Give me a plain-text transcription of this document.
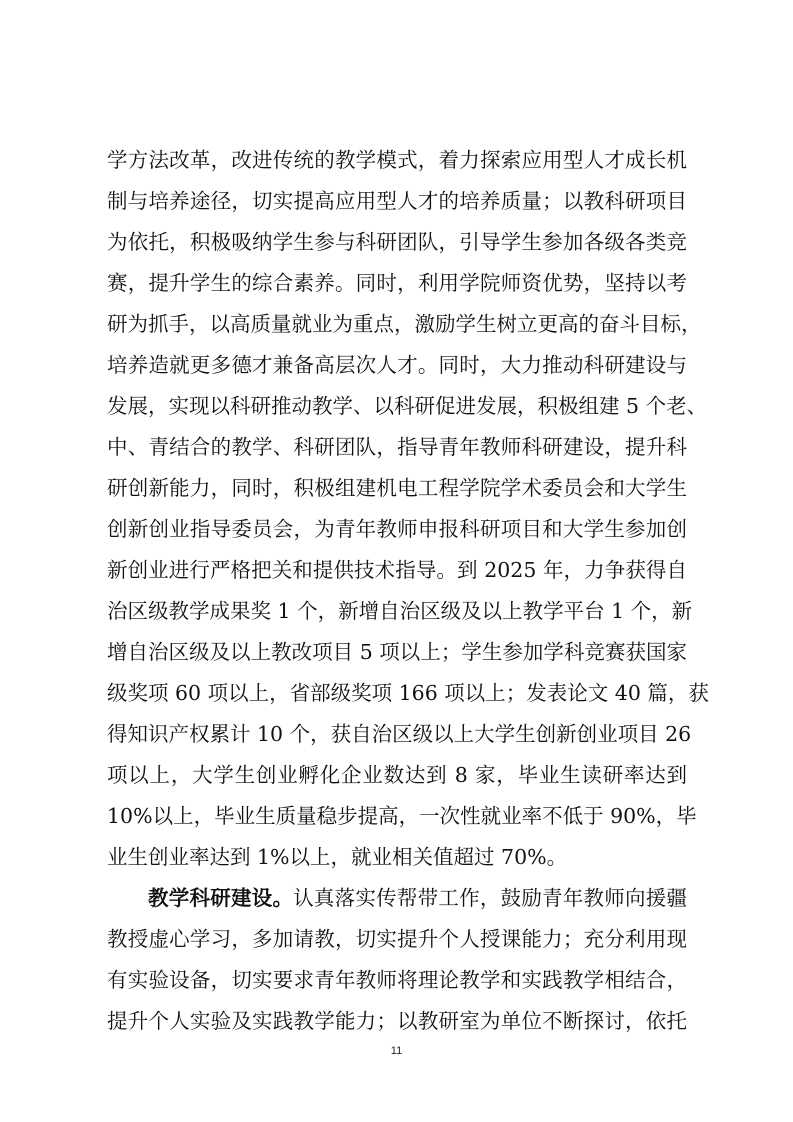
学方法改革，改进传统的教学模式，着力探索应用型人才成长机
制与培养途径，切实提高应用型人才的培养质量；以教科研项目
为依托，积极吸纳学生参与科研团队，引导学生参加各级各类竞
赛，提升学生的综合素养。同时，利用学院师资优势，坚持以考
研为抓手，以高质量就业为重点，激励学生树立更高的奋斗目标，
培养造就更多德才兼备高层次人才。同时，大力推动科研建设与
发展，实现以科研推动教学、以科研促进发展，积极组建 5 个老、
中、青结合的教学、科研团队，指导青年教师科研建设，提升科
研创新能力，同时，积极组建机电工程学院学术委员会和大学生
创新创业指导委员会，为青年教师申报科研项目和大学生参加创
新创业进行严格把关和提供技术指导。到 2025 年，力争获得自
治区级教学成果奖 1 个，新增自治区级及以上教学平台 1 个，新
增自治区级及以上教改项目 5 项以上；学生参加学科竞赛获国家
级奖项 60 项以上，省部级奖项 166 项以上；发表论文 40 篇，获
得知识产权累计 10 个，获自治区级以上大学生创新创业项目 26
项以上，大学生创业孵化企业数达到 8 家，毕业生读研率达到
10%以上，毕业生质量稳步提高，一次性就业率不低于 90%，毕
业生创业率达到 1%以上，就业相关值超过 70%。
教学科研建设。认真落实传帮带工作，鼓励青年教师向援疆
教授虚心学习，多加请教，切实提升个人授课能力；充分利用现
有实验设备，切实要求青年教师将理论教学和实践教学相结合，
提升个人实验及实践教学能力；以教研室为单位不断探讨，依托
11
